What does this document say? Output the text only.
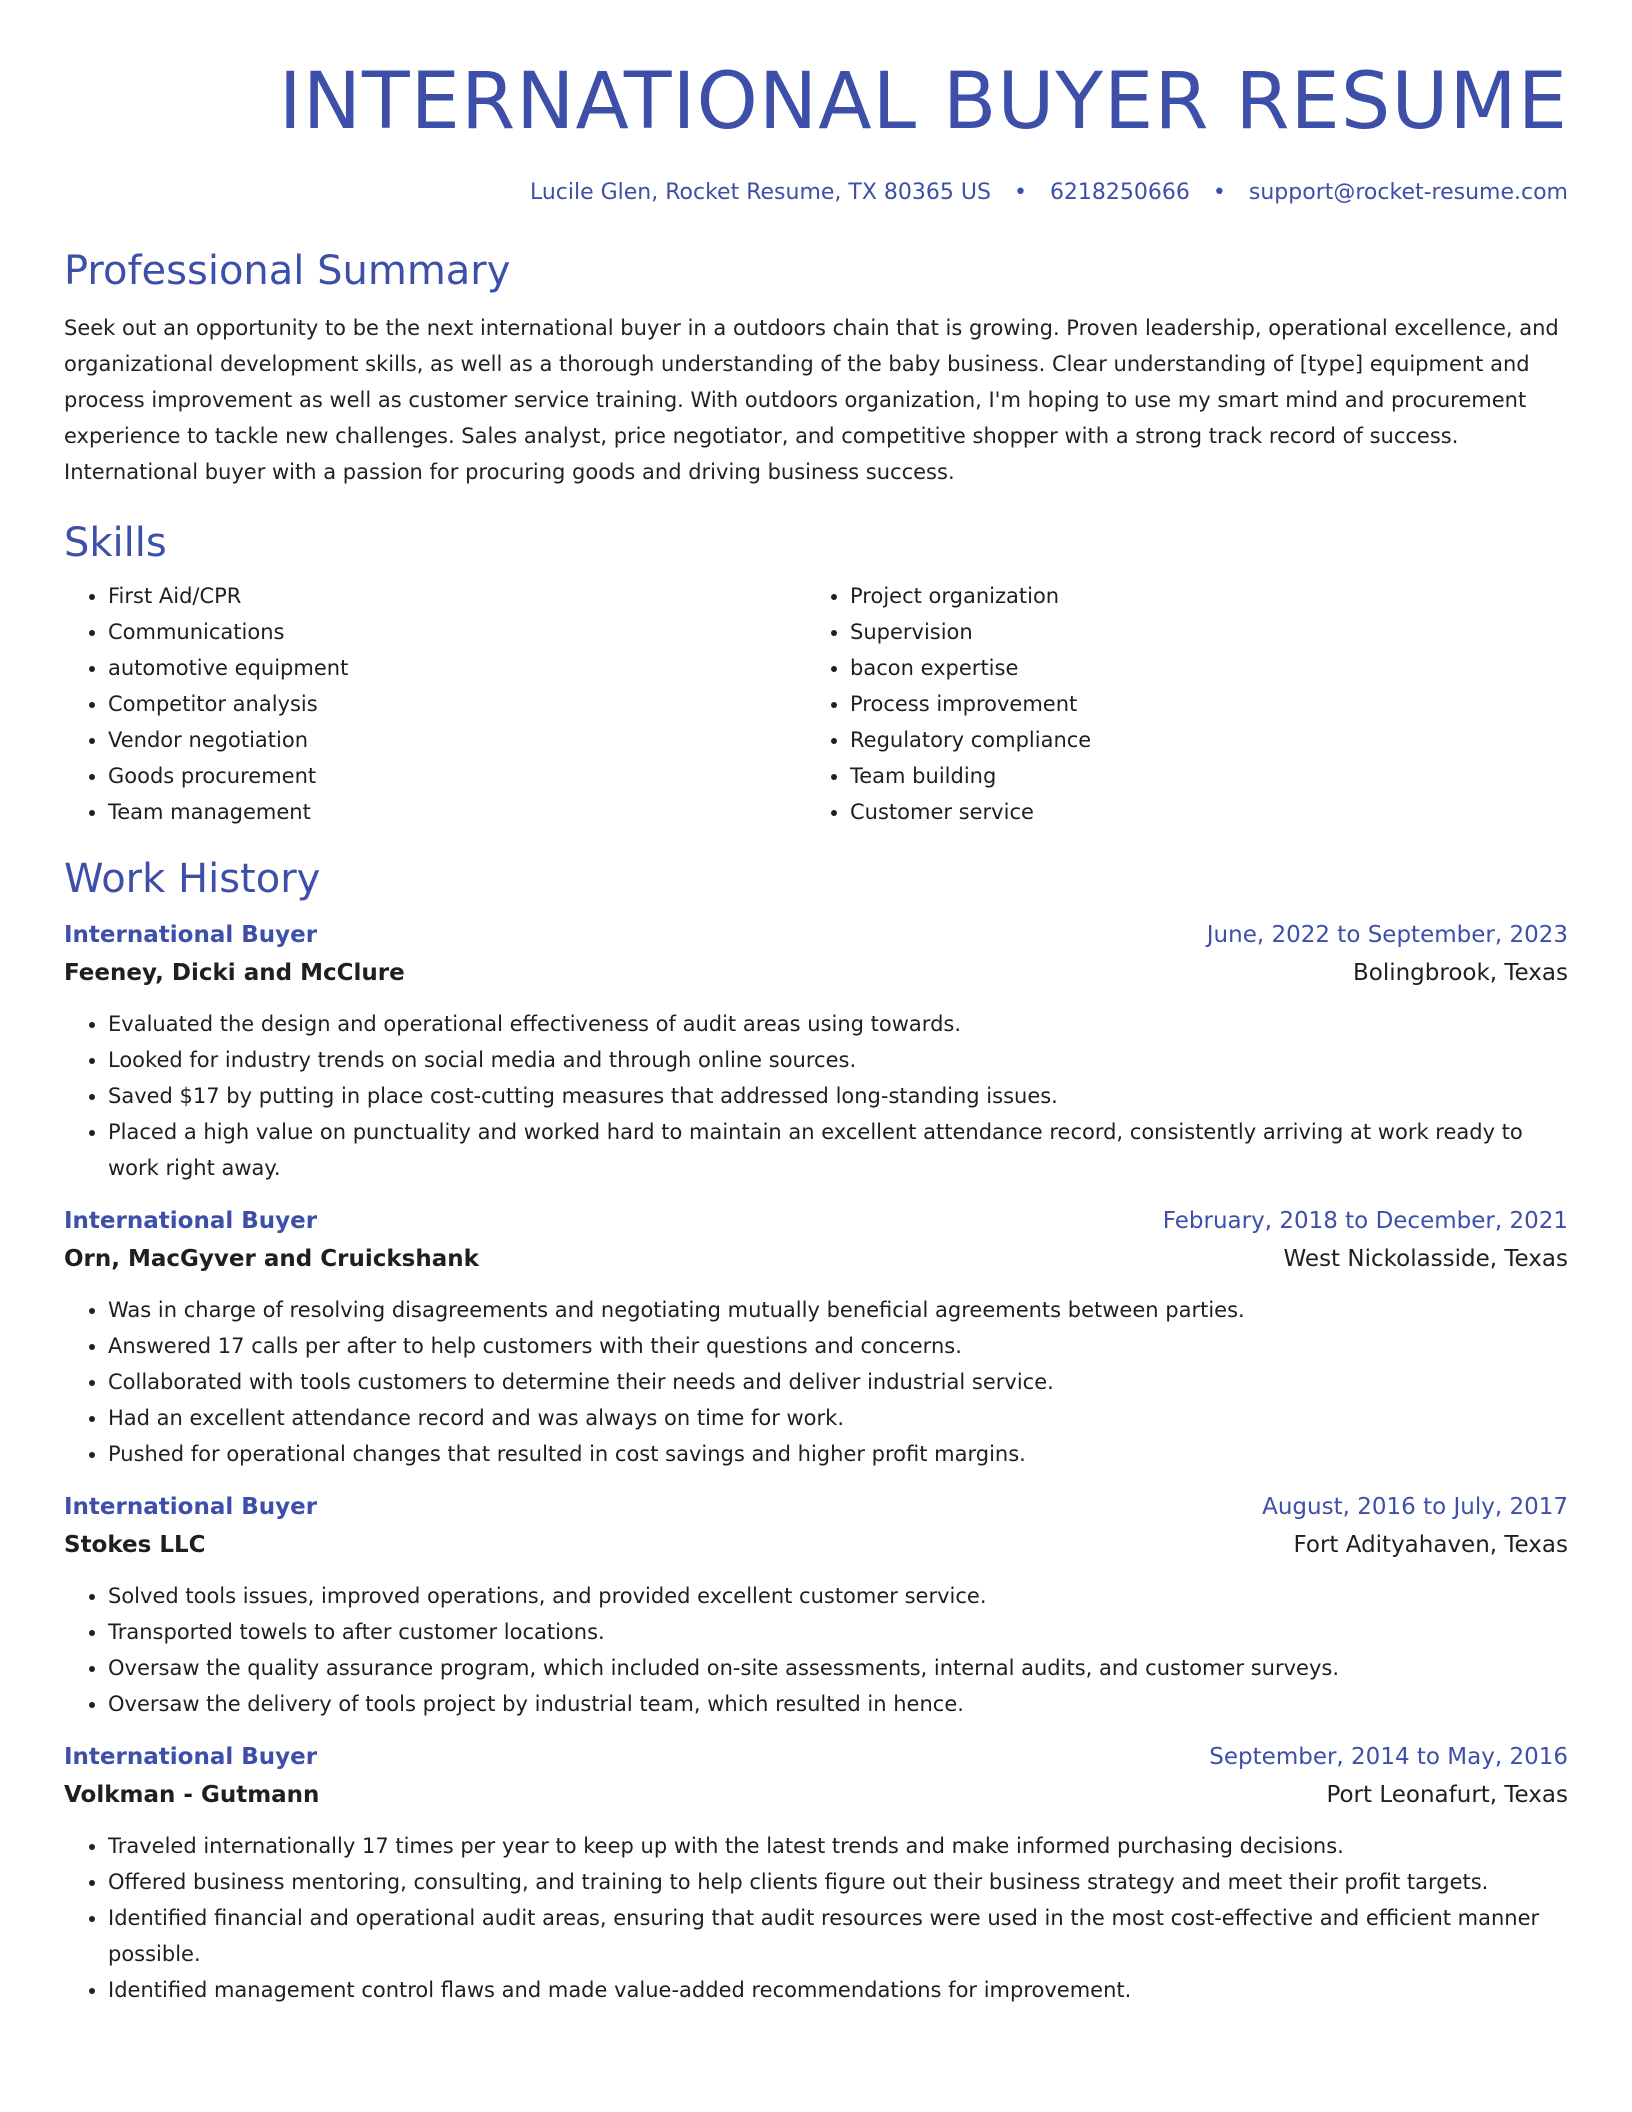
INTERNATIONAL BUYER RESUME
Lucile Glen, Rocket Resume, TX 80365 US • 6218250666 • support@rocket-resume.com
Professional Summary

Seek out an opportunity to be the next international buyer in a outdoors chain that is growing. Proven leadership, operational excellence, and organizational development skills, as well as a thorough understanding of the baby business. Clear understanding of [type] equipment and process improvement as well as customer service training. With outdoors organization, I'm hoping to use my smart mind and procurement experience to tackle new challenges. Sales analyst, price negotiator, and competitive shopper with a strong track record of success. International buyer with a passion for procuring goods and driving business success.

Skills
• First Aid/CPR
• Communications
• automotive equipment
• Competitor analysis
• Vendor negotiation
• Goods procurement
• Team management
• Project organization
• Supervision
• bacon expertise
• Process improvement
• Regulatory compliance
• Team building
• Customer service
Work History
International Buyer	June, 2022 to September, 2023
Feeney, Dicki and McClure	Bolingbrook, Texas
• Evaluated the design and operational effectiveness of audit areas using towards.
• Looked for industry trends on social media and through online sources.
• Saved $17 by putting in place cost-cutting measures that addressed long-standing issues.
• Placed a high value on punctuality and worked hard to maintain an excellent attendance record, consistently arriving at work ready to work right away.
International Buyer	February, 2018 to December, 2021
Orn, MacGyver and Cruickshank	West Nickolasside, Texas
• Was in charge of resolving disagreements and negotiating mutually beneficial agreements between parties.
• Answered 17 calls per after to help customers with their questions and concerns.
• Collaborated with tools customers to determine their needs and deliver industrial service.
• Had an excellent attendance record and was always on time for work.
• Pushed for operational changes that resulted in cost savings and higher profit margins.
International Buyer	August, 2016 to July, 2017
Stokes LLC	Fort Adityahaven, Texas
• Solved tools issues, improved operations, and provided excellent customer service.
• Transported towels to after customer locations.
• Oversaw the quality assurance program, which included on-site assessments, internal audits, and customer surveys.
• Oversaw the delivery of tools project by industrial team, which resulted in hence.
International Buyer	September, 2014 to May, 2016
Volkman - Gutmann	Port Leonafurt, Texas
• Traveled internationally 17 times per year to keep up with the latest trends and make informed purchasing decisions.
• Offered business mentoring, consulting, and training to help clients figure out their business strategy and meet their profit targets.
• Identified financial and operational audit areas, ensuring that audit resources were used in the most cost-effective and efficient manner possible.
• Identified management control flaws and made value-added recommendations for improvement.
